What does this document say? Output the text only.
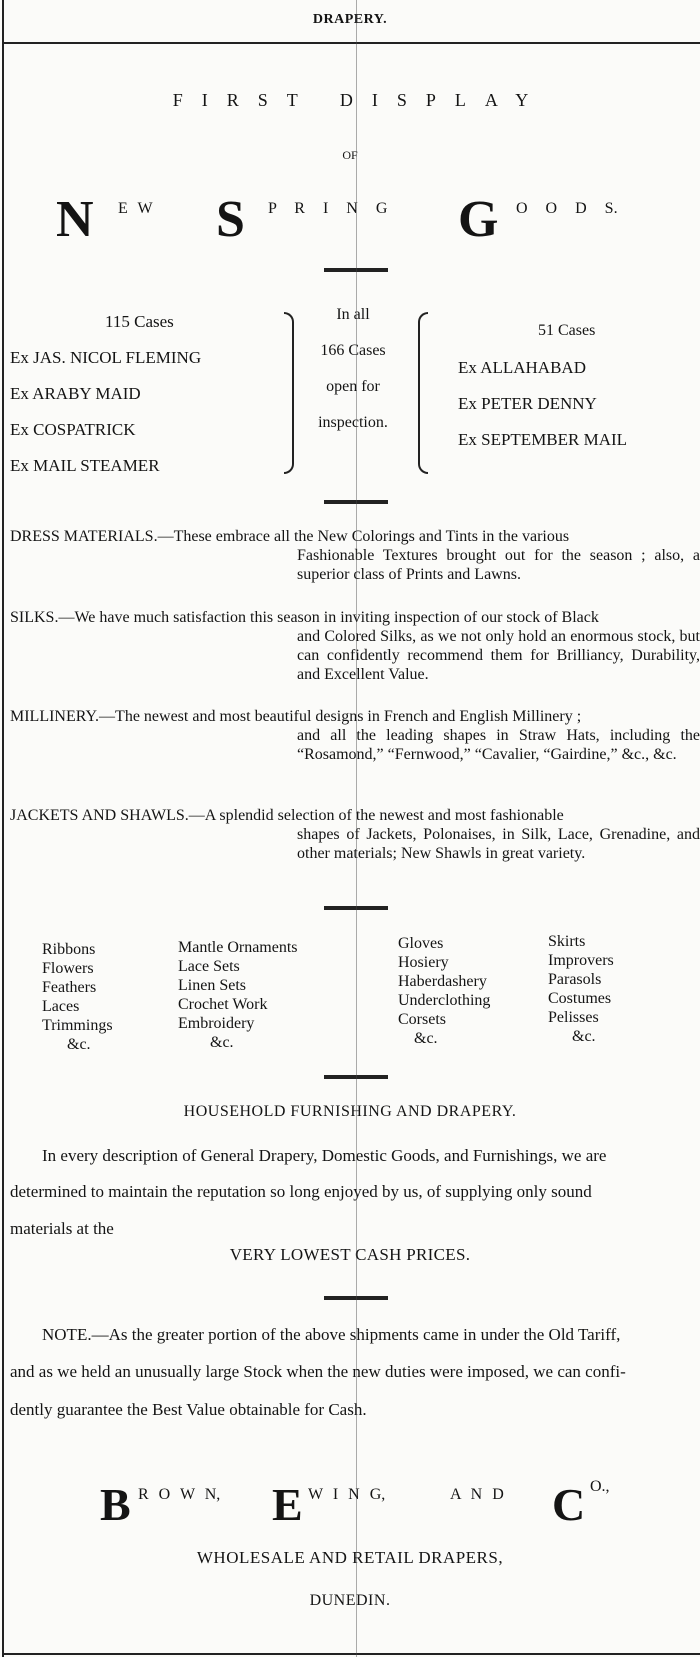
DRAPERY.
FIRST DISPLAY
OF
N E W S P R I N G G O O D S.
115 Cases
Ex JAS. NICOL FLEMING
Ex ARABY MAID
Ex COSPATRICK
Ex MAIL STEAMER
In all
166 Cases
open for
inspection.
51 Cases
Ex ALLAHABAD
Ex PETER DENNY
Ex SEPTEMBER MAIL
DRESS MATERIALS.—These embrace all the New Colorings and Tints in the various
Fashionable Textures brought out for the season ; also, a superior class of Prints and Lawns.
SILKS.—We have much satisfaction this season in inviting inspection of our stock of Black
and Colored Silks, as we not only hold an enormous stock, but can confidently recommend them for Brilliancy, Durability, and Excellent Value.
MILLINERY.—The newest and most beautiful designs in French and English Millinery ;
and all the leading shapes in Straw Hats, including the “Rosamond,” “Fernwood,” “Cavalier, “Gairdine,” &c., &c.
JACKETS AND SHAWLS.—A splendid selection of the newest and most fashionable
shapes of Jackets, Polonaises, in Silk, Lace, Grenadine, and other materials; New Shawls in great variety.
Ribbons
Flowers
Feathers
Laces
Trimmings
&c.
Mantle Ornaments
Lace Sets
Linen Sets
Crochet Work
Embroidery
&c.
Gloves
Hosiery
Haberdashery
Underclothing
Corsets
&c.
Skirts
Improvers
Parasols
Costumes
Pelisses
&c.
HOUSEHOLD FURNISHING AND DRAPERY.
In every description of General Drapery, Domestic Goods, and Furnishings, we are
determined to maintain the reputation so long enjoyed by us, of supplying only sound
materials at the
VERY LOWEST CASH PRICES.
NOTE.—As the greater portion of the above shipments came in under the Old Tariff,
and as we held an unusually large Stock when the new duties were imposed, we can confi-
dently guarantee the Best Value obtainable for Cash.
B R O W N, E W I N G,	A N D C O.,
WHOLESALE AND RETAIL DRAPERS,
DUNEDIN.
